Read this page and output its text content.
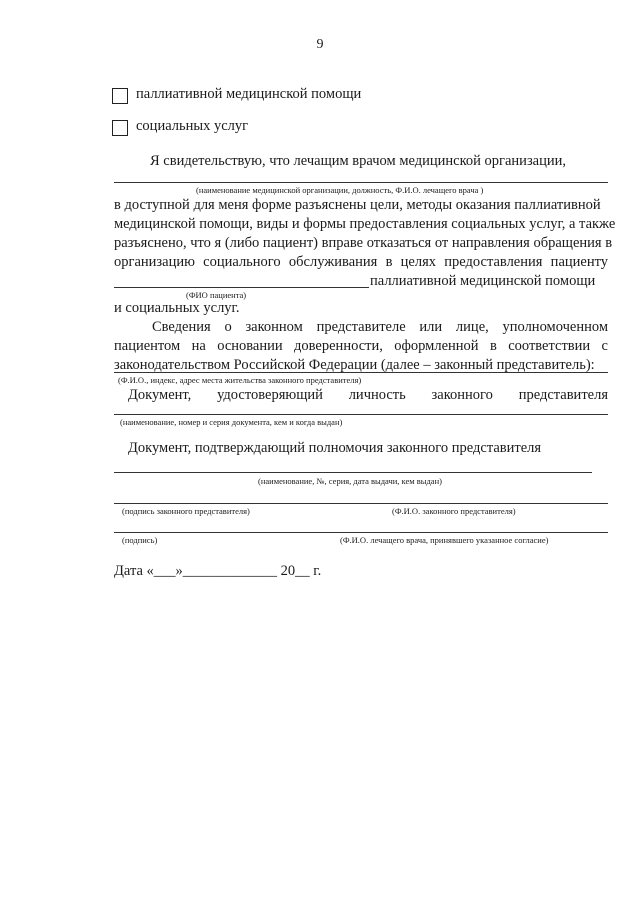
9
паллиативной медицинской помощи
социальных услуг
Я свидетельствую, что лечащим врачом медицинской организации,
(наименование медицинской организации, должность, Ф.И.О. лечащего врача )
в доступной для меня форме разъяснены цели, методы оказания паллиативной
медицинской помощи, виды и формы предоставления социальных услуг, а также
разъяснено, что я (либо пациент) вправе отказаться от направления обращения в
организацию социального обслуживания в целях предоставления пациенту
паллиативной медицинской помощи
(ФИО пациента)
и социальных услуг.
Сведения о законном представителе или лице, уполномоченном
пациентом на основании доверенности, оформленной в соответствии с
законодательством Российской Федерации (далее – законный представитель):
(Ф.И.О., индекс, адрес места жительства законного представителя)
Документ, удостоверяющий личность законного представителя
(наименование, номер и серия документа, кем и когда выдан)
Документ, подтверждающий полномочия законного представителя
(наименование, №, серия, дата выдачи, кем выдан)
(подпись законного представителя)	(Ф.И.О. законного представителя)
(подпись)	(Ф.И.О. лечащего врача, принявшего указанное согласие)
Дата «___»_____________ 20__ г.
